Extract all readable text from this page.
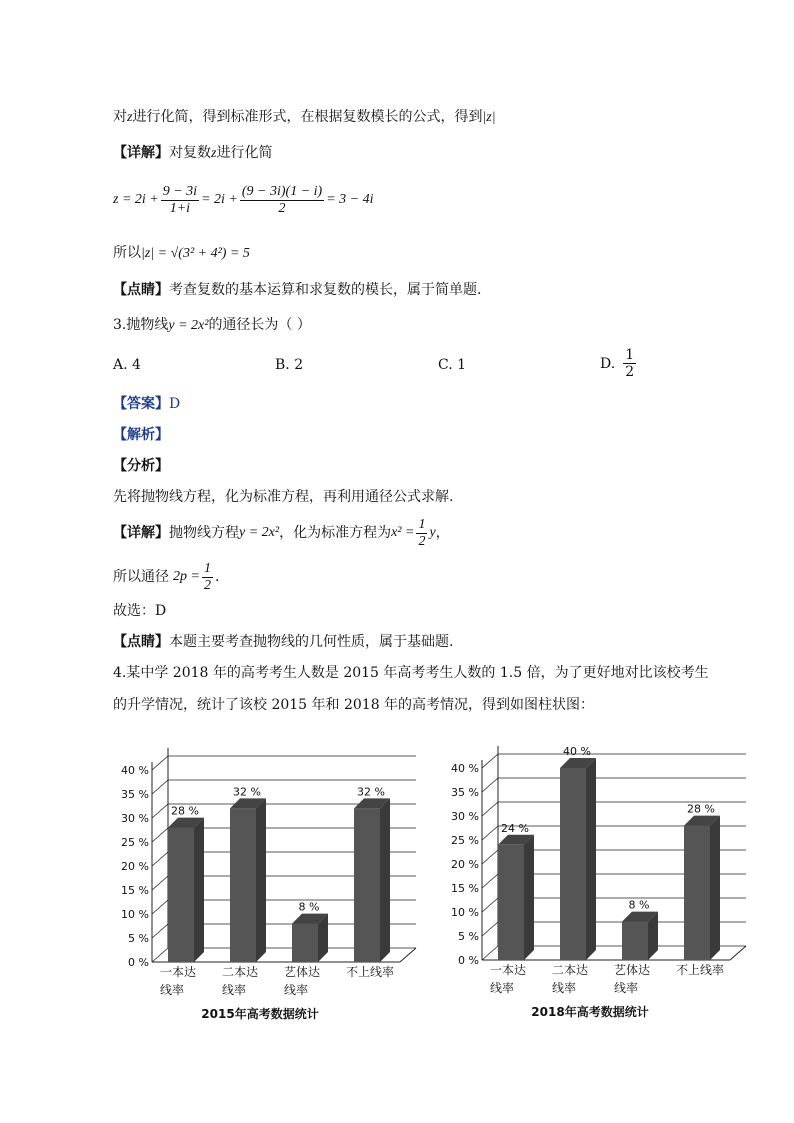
对z进行化简，得到标准形式，在根据复数模长的公式，得到|z|
【详解】对复数z进行化简
$z = 2i + \frac{9 - 3i}{1+i} = 2i + \frac{(9 - 3i)(1 - i)}{2} = 3 - 4i$
所以|z| = √(3² + 4²) = 5
【点睛】考查复数的基本运算和求复数的模长，属于简单题.
3.抛物线y = 2x²的通径长为（ ）
A. 4	B. 2	C. 1	D. $\frac{1}{2}$
【答案】D
【解析】
【分析】
先将抛物线方程，化为标准方程，再利用通径公式求解.
【详解】 抛物线方程 y = 2x² ，化为标准方程为 $x^2 = \frac{1}{2}$ y ，
所以通径 $2p = \frac{1}{2}$ .
故选：D
【点睛】本题主要考查抛物线的几何性质，属于基础题.
4.某中学 2018 年的高考考生人数是 2015 年高考考生人数的 1.5 倍，为了更好地对比该校考生
的升学情况，统计了该校 2015 年和 2018 年的高考情况，得到如图柱状图：
0 %
5 %
10 %
15 %
20 %
25 %
30 %
35 %
40 %
28 %
一本达
线率
32 %
二本达
线率
8 %
艺体达
线率
32 %
不上线率
2015年高考数据统计
0 %
5 %
10 %
15 %
20 %
25 %
30 %
35 %
40 %
24 %
一本达
线率
40 %
二本达
线率
8 %
艺体达
线率
28 %
不上线率
2018年高考数据统计
